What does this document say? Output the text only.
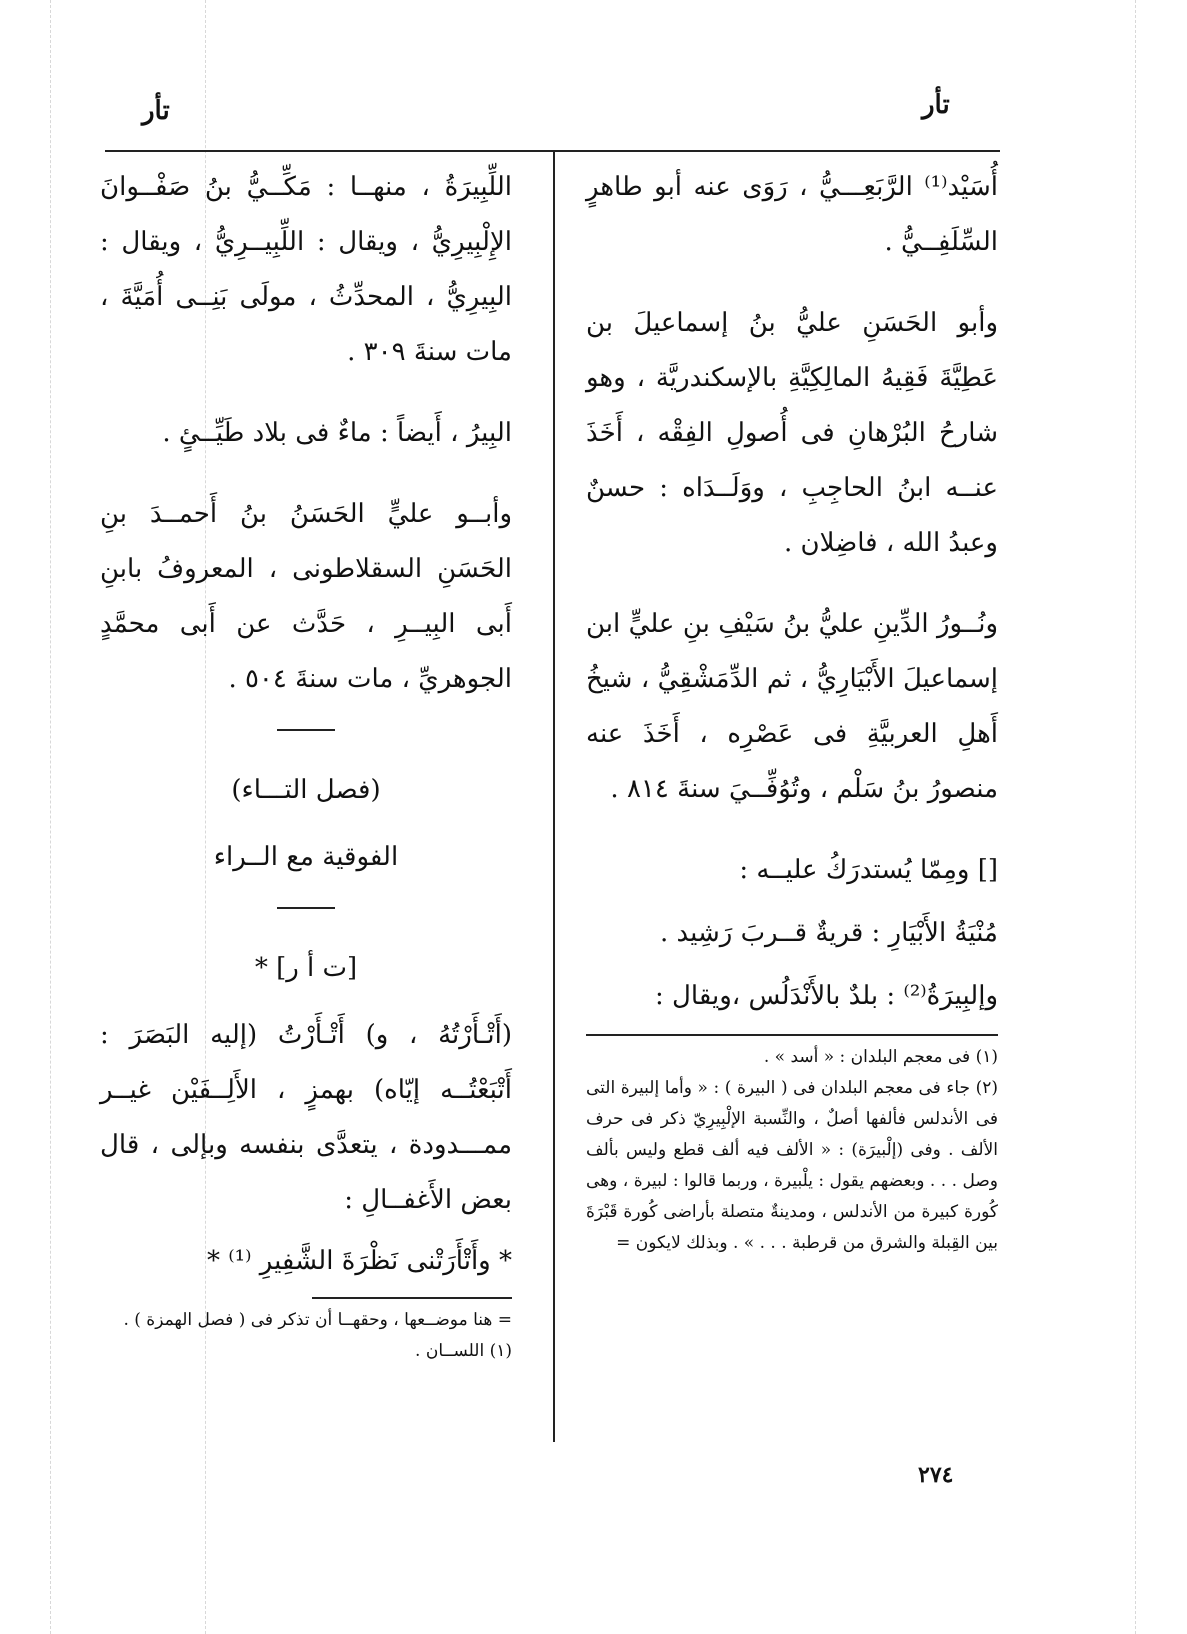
تأر	تأر

أُسَيْد⁽¹⁾ الرَّبَعِـــيُّ ، رَوَى عنه أبو طاهرٍ السِّلَفِــيُّ .

وأبو الحَسَنِ عليُّ بنُ إسماعيلَ بن عَطِيَّةَ فَقِيهُ المالِكِيَّةِ بالإسكندريَّة ، وهو شارحُ البُرْهانِ فى أُصولِ الفِقْه ، أَخَذَ عنــه ابنُ الحاجِبِ ، ووَلَــدَاه : حسنٌ وعبدُ الله ، فاضِلان .

ونُــورُ الدِّينِ عليُّ بنُ سَيْفِ بنِ عليٍّ ابن إسماعيلَ الأَبْيَارِيُّ ، ثم الدِّمَشْقِيُّ ، شيخُ أَهلِ العربيَّةِ فى عَصْرِه ، أَخَذَ عنه منصورُ بنُ سَلْم ، وتُوُفِّــيَ سنةَ ٨١٤ .

[] ومِمّا يُستدرَكُ عليــه :

مُنْيَةُ الأَبْيَارِ : قريةٌ قــربَ رَشِيد .

وإلبِيرَةُ⁽²⁾ : بلدٌ بالأَنْدَلُس ،ويقال :

(١) فى معجم البلدان : « أسد » .

(٢) جاء فى معجم البلدان فى ( البيرة ) : « وأما إلبيرة التى فى الأندلس فألفها أصلٌ ، والنِّسبة الإلْبِيرِيّ ذكر فى حرف الألف . وفى (إلْبيرَة) : « الألف فيه ألف قطع وليس بألف وصل . . . وبعضهم يقول : يلْبيرة ، وربما قالوا : لبيرة ، وهى كُورة كبيرة من الأندلس ، ومدينةٌ متصلة بأراضى كُورة قَبْرَةَ بين القِبلة والشرق من قرطبة . . . » . وبذلك لايكون =

اللِّبِيرَةُ ، منهــا : مَكِّــيُّ بنُ صَفْــوانَ الإِلْبِيرِيُّ ، ويقال : اللِّبِيــرِيُّ ، ويقال : البِيرِيُّ ، المحدِّثُ ، مولَى بَنِــى أُمَيَّةَ ، مات سنةَ ٣٠٩ .

البِيرُ ، أَيضاً : ماءٌ فى بلاد طَيِّــئٍ .

وأبــو عليٍّ الحَسَنُ بنُ أَحمــدَ بنِ الحَسَنِ السقلاطونى ، المعروفُ بابنِ أَبى البِيــرِ ، حَدَّث عن أَبى محمَّدٍ الجوهريِّ ، مات سنةَ ٥٠٤ .

(فصل التـــاء)

الفوقية مع الــراء

[ت أ ر] *

(أَتْـأَرْتُهُ ، و) أَتْـأَرْتُ (إليه البَصَرَ : أَتْبَعْتُــه إيّاه) بهمزٍ ، الأَلِــفَيْن غيــر ممـــدودة ، يتعدَّى بنفسه وبإلى ، قال بعض الأَغفــالِ :

* وأَتْأَرَتْنى نَظْرَةَ الشَّفِيرِ ⁽¹⁾ *

= هنا موضــعها ، وحقهــا أن تذكر فى ( فصل الهمزة ) .

(١) اللســان .

٢٧٤
